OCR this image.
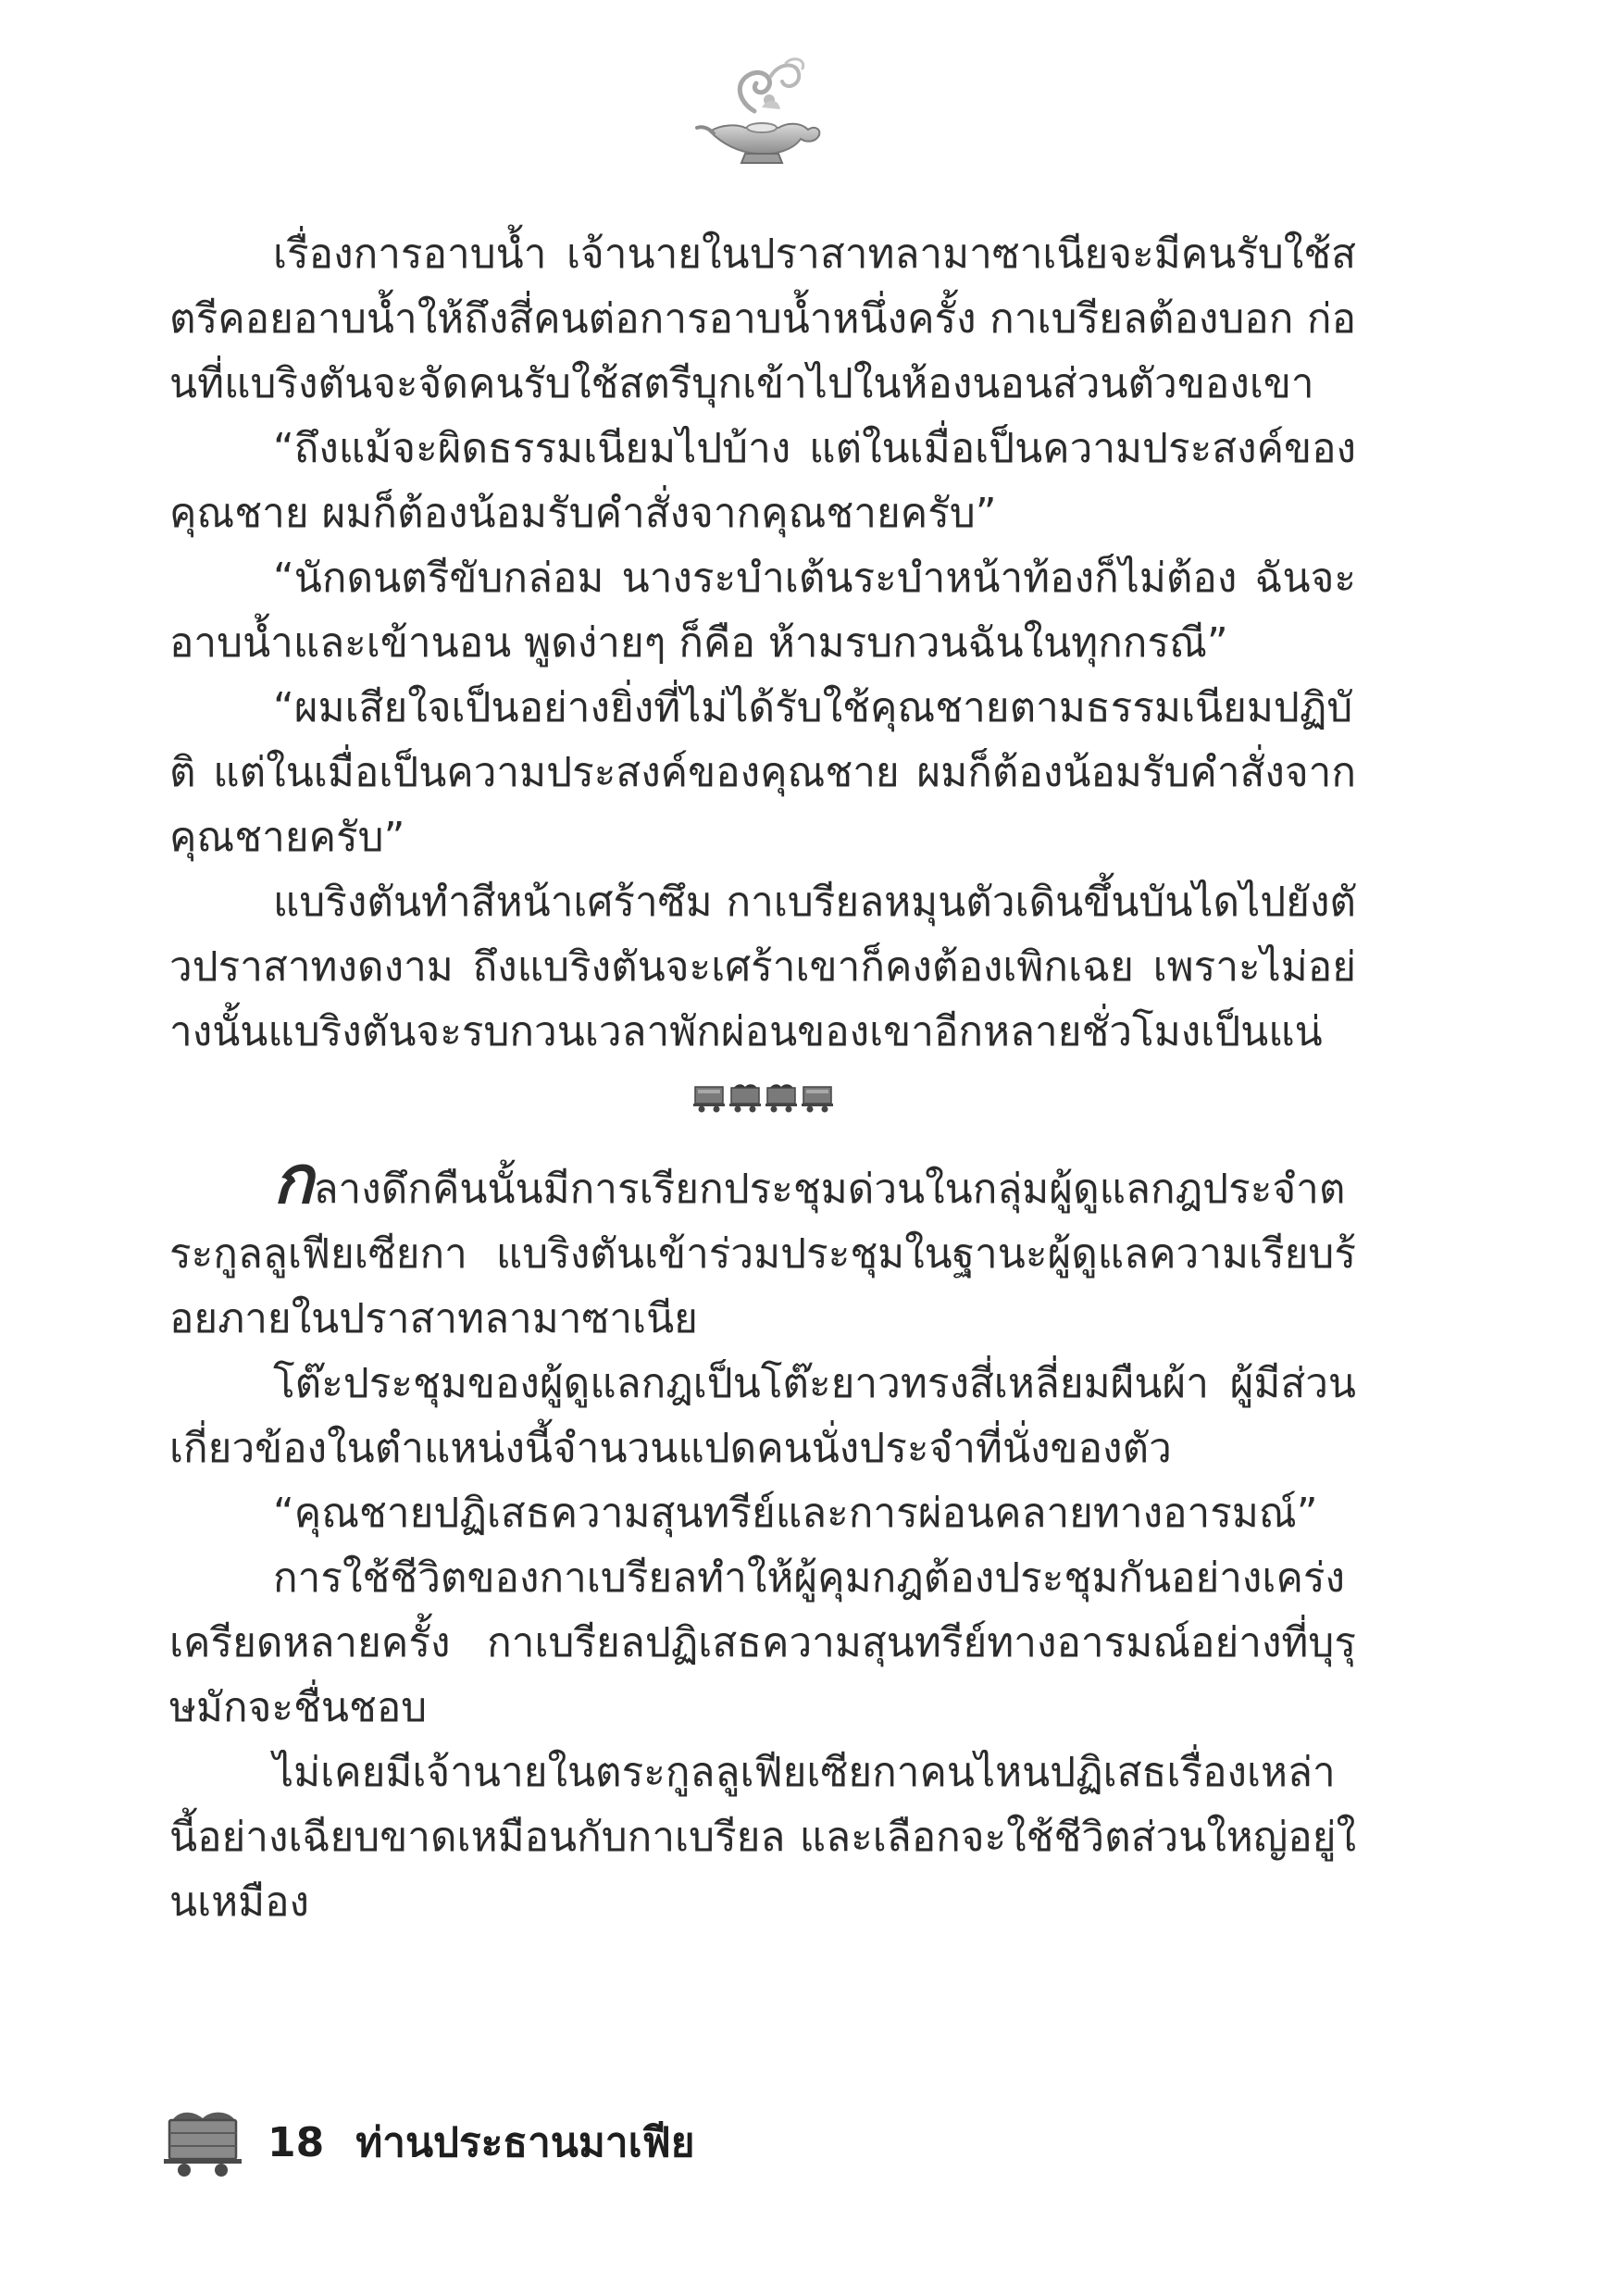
เรื่องการอาบน้ำ เจ้านายในปราสาทลามาซาเนียจะมีคนรับใช้สตรีคอยอาบน้ำให้ถึงสี่คนต่อการอาบน้ำหนึ่งครั้ง กาเบรียลต้องบอก ก่อนที่แบริงตันจะจัดคนรับใช้สตรีบุกเข้าไปในห้องนอนส่วนตัวของเขา

“ถึงแม้จะผิดธรรมเนียมไปบ้าง แต่ในเมื่อเป็นความประสงค์ของคุณชาย ผมก็ต้องน้อมรับคำสั่งจากคุณชายครับ”

“นักดนตรีขับกล่อม นางระบำเต้นระบำหน้าท้องก็ไม่ต้อง ฉันจะอาบน้ำและเข้านอน พูดง่ายๆ ก็คือ ห้ามรบกวนฉันในทุกกรณี”

“ผมเสียใจเป็นอย่างยิ่งที่ไม่ได้รับใช้คุณชายตามธรรมเนียมปฏิบัติ แต่ในเมื่อเป็นความประสงค์ของคุณชาย ผมก็ต้องน้อมรับคำสั่งจากคุณชายครับ”

แบริงตันทำสีหน้าเศร้าซึม กาเบรียลหมุนตัวเดินขึ้นบันไดไปยังตัวปราสาทงดงาม ถึงแบริงตันจะเศร้าเขาก็คงต้องเพิกเฉย เพราะไม่อย่างนั้นแบริงตันจะรบกวนเวลาพักผ่อนของเขาอีกหลายชั่วโมงเป็นแน่

กลางดึกคืนนั้นมีการเรียกประชุมด่วนในกลุ่มผู้ดูแลกฎประจำตระกูลลูเฟียเซียกา แบริงตันเข้าร่วมประชุมในฐานะผู้ดูแลความเรียบร้อยภายในปราสาทลามาซาเนีย

โต๊ะประชุมของผู้ดูแลกฎเป็นโต๊ะยาวทรงสี่เหลี่ยมผืนผ้า ผู้มีส่วนเกี่ยวข้องในตำแหน่งนี้จำนวนแปดคนนั่งประจำที่นั่งของตัว

“คุณชายปฏิเสธความสุนทรีย์และการผ่อนคลายทางอารมณ์”

การใช้ชีวิตของกาเบรียลทำให้ผู้คุมกฎต้องประชุมกันอย่างเคร่งเครียดหลายครั้ง กาเบรียลปฏิเสธความสุนทรีย์ทางอารมณ์อย่างที่บุรุษมักจะชื่นชอบ

ไม่เคยมีเจ้านายในตระกูลลูเฟียเซียกาคนไหนปฏิเสธเรื่องเหล่านี้อย่างเฉียบขาดเหมือนกับกาเบรียล และเลือกจะใช้ชีวิตส่วนใหญ่อยู่ในเหมือง

18 ท่านประธานมาเฟีย
